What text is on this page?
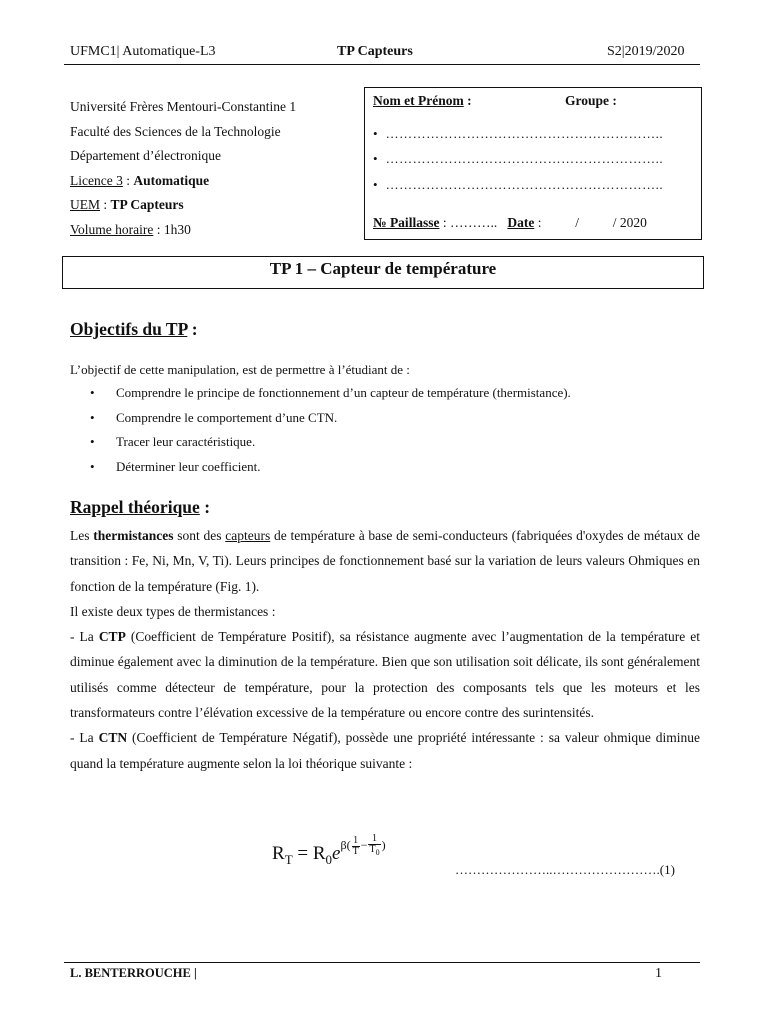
UFMC1| Automatique-L3	TP Capteurs	S2|2019/2020
Université Frères Mentouri-Constantine 1
Faculté des Sciences de la Technologie
Département d’électronique
Licence 3 : Automatique
UEM : TP Capteurs
Volume horaire : 1h30
Nom et Prénom :	Groupe :
• ……………………………………………………..
• ……………………………………………………..
• ……………………………………………………..
№ Paillasse : ……….. Date :          /          / 2020
TP 1 – Capteur de température
Objectifs du TP :
L’objectif de cette manipulation, est de permettre à l’étudiant de :
• Comprendre le principe de fonctionnement d’un capteur de température (thermistance).
• Comprendre le comportement d’une CTN.
• Tracer leur caractéristique.
• Déterminer leur coefficient.
Rappel théorique :

Les thermistances sont des capteurs de température à base de semi-conducteurs (fabriquées d'oxydes de métaux de transition : Fe, Ni, Mn, V, Ti). Leurs principes de fonctionnement basé sur la variation de leurs valeurs Ohmiques en fonction de la température (Fig. 1).

Il existe deux types de thermistances :

- La CTP (Coefficient de Température Positif), sa résistance augmente avec l’augmentation de la température et diminue également avec la diminution de la température. Bien que son utilisation soit délicate, ils sont généralement utilisés comme détecteur de température, pour la protection des composants tels que les moteurs et les transformateurs contre l’élévation excessive de la température ou encore contre des surintensités.

- La CTN (Coefficient de Température Négatif), possède une propriété intéressante : sa valeur ohmique diminue quand la température augmente selon la loi théorique suivante :

$R_T = R_0e^{\beta( \frac{1}{T} - \frac{1}{T_0} )}$
…………………..…………………….(1)
L. BENTERROUCHE |	1
